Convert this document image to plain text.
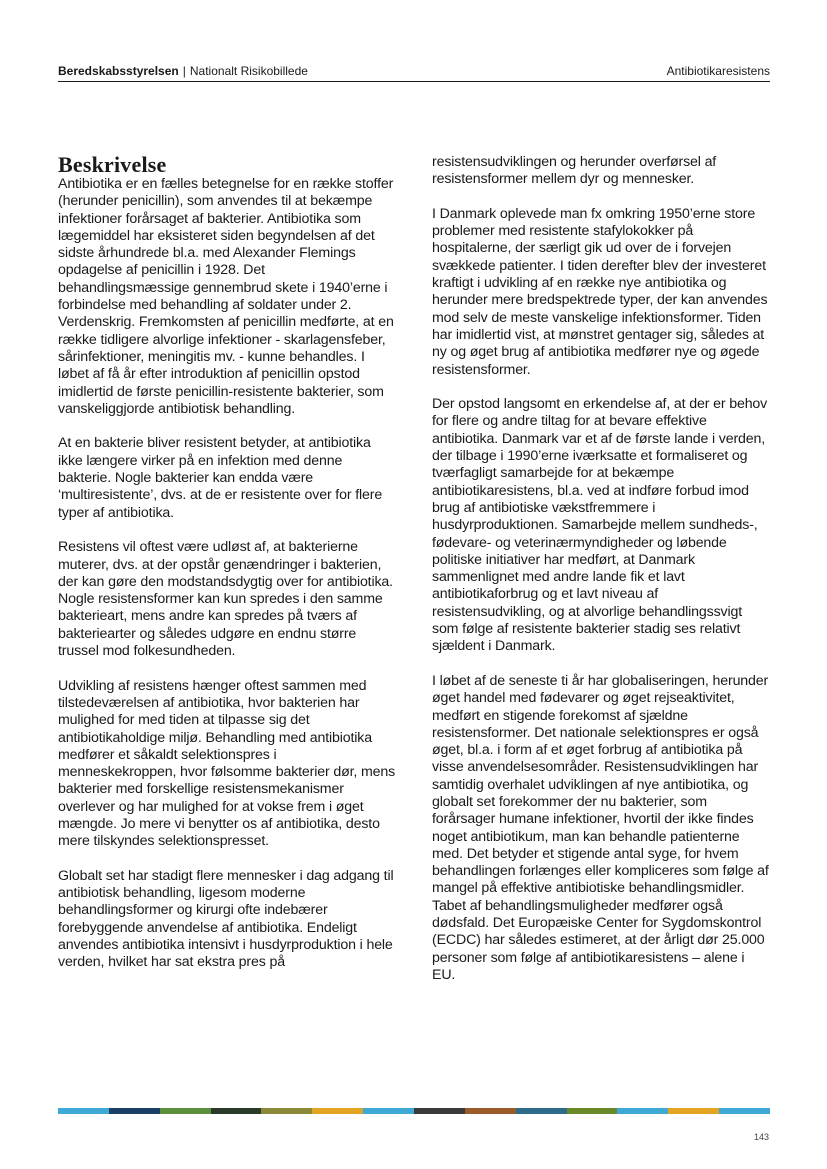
Beredskabsstyrelsen | Nationalt Risikobillede	Antibiotikaresistens
Beskrivelse

Antibiotika er en fælles betegnelse for en række stoffer (herunder penicillin), som anvendes til at bekæmpe infektioner forårsaget af bakterier. Antibiotika som lægemiddel har eksisteret siden begyndelsen af det sidste århundrede bl.a. med Alexander Flemings opdagelse af penicillin i 1928. Det behandlingsmæssige gennembrud skete i 1940’erne i forbindelse med behandling af soldater under 2. Verdenskrig. Fremkomsten af penicillin medførte, at en række tidligere alvorlige infektioner - skarlagensfeber, sårinfektioner, meningitis mv. - kunne behandles. I løbet af få år efter introduktion af penicillin opstod imidlertid de første penicillin-resistente bakterier, som vanskeliggjorde antibiotisk behandling.

At en bakterie bliver resistent betyder, at antibiotika ikke længere virker på en infektion med denne bakterie. Nogle bakterier kan endda være ‘multiresistente’, dvs. at de er resistente over for flere typer af antibiotika.

Resistens vil oftest være udløst af, at bakterierne muterer, dvs. at der opstår genændringer i bakterien, der kan gøre den modstandsdygtig over for antibiotika. Nogle resistensformer kan kun spredes i den samme bakterieart, mens andre kan spredes på tværs af bakteriearter og således udgøre en endnu større trussel mod folkesundheden.

Udvikling af resistens hænger oftest sammen med tilstedeværelsen af antibiotika, hvor bakterien har mulighed for med tiden at tilpasse sig det antibiotikaholdige miljø. Behandling med antibiotika medfører et såkaldt selektionspres i menneskekroppen, hvor følsomme bakterier dør, mens bakterier med forskellige resistensmekanismer overlever og har mulighed for at vokse frem i øget mængde. Jo mere vi benytter os af antibiotika, desto mere tilskyndes selektionspresset.

Globalt set har stadigt flere mennesker i dag adgang til antibiotisk behandling, ligesom moderne behandlingsformer og kirurgi ofte indebærer forebyggende anvendelse af antibiotika. Endeligt anvendes antibiotika intensivt i husdyrproduktion i hele verden, hvilket har sat ekstra pres på

resistensudviklingen og herunder overførsel af resistensformer mellem dyr og mennesker.

I Danmark oplevede man fx omkring 1950’erne store problemer med resistente stafylokokker på hospitalerne, der særligt gik ud over de i forvejen svækkede patienter. I tiden derefter blev der investeret kraftigt i udvikling af en række nye antibiotika og herunder mere bredspektrede typer, der kan anvendes mod selv de meste vanskelige infektionsformer. Tiden har imidlertid vist, at mønstret gentager sig, således at ny og øget brug af antibiotika medfører nye og øgede resistensformer.

Der opstod langsomt en erkendelse af, at der er behov for flere og andre tiltag for at bevare effektive antibiotika. Danmark var et af de første lande i verden, der tilbage i 1990’erne iværksatte et formaliseret og tværfagligt samarbejde for at bekæmpe antibiotikaresistens, bl.a. ved at indføre forbud imod brug af antibiotiske vækstfremmere i husdyrproduktionen. Samarbejde mellem sundheds-, fødevare- og veterinærmyndigheder og løbende politiske initiativer har medført, at Danmark sammenlignet med andre lande fik et lavt antibiotikaforbrug og et lavt niveau af resistensudvikling, og at alvorlige behandlingssvigt som følge af resistente bakterier stadig ses relativt sjældent i Danmark.

I løbet af de seneste ti år har globaliseringen, herunder øget handel med fødevarer og øget rejseaktivitet, medført en stigende forekomst af sjældne resistensformer. Det nationale selektionspres er også øget, bl.a. i form af et øget forbrug af antibiotika på visse anvendelsesområder. Resistensudviklingen har samtidig overhalet udviklingen af nye antibiotika, og globalt set forekommer der nu bakterier, som forårsager humane infektioner, hvortil der ikke findes noget antibiotikum, man kan behandle patienterne med. Det betyder et stigende antal syge, for hvem behandlingen forlænges eller kompliceres som følge af mangel på effektive antibiotiske behandlingsmidler.

Tabet af behandlingsmuligheder medfører også dødsfald. Det Europæiske Center for Sygdomskontrol (ECDC) har således estimeret, at der årligt dør 25.000 personer som følge af antibiotikaresistens – alene i EU.

143
